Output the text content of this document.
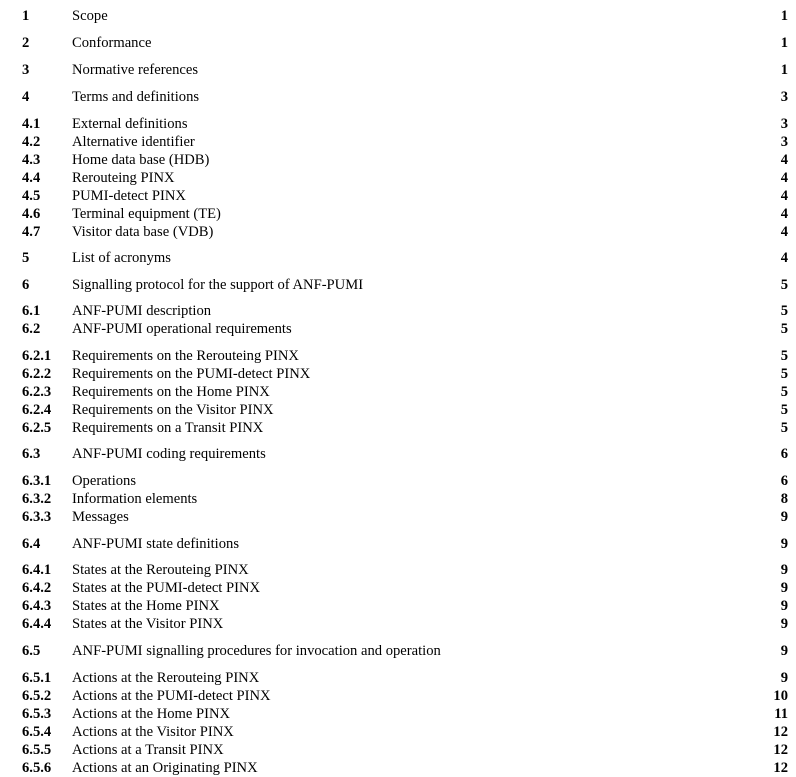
1	Scope	1
2	Conformance	1
3	Normative references	1
4	Terms and definitions	3
4.1 External definitions	3
4.2 Alternative identifier	3
4.3 Home data base (HDB)	4
4.4 Rerouteing PINX	4
4.5 PUMI-detect PINX	4
4.6 Terminal equipment (TE)	4
4.7 Visitor data base (VDB)	4
5	List of acronyms	4
6	Signalling protocol for the support of ANF-PUMI	5
6.1 ANF-PUMI description	5
6.2 ANF-PUMI operational requirements	5
6.2.1 Requirements on the Rerouteing PINX	5
6.2.2 Requirements on the PUMI-detect PINX	5
6.2.3 Requirements on the Home PINX	5
6.2.4 Requirements on the Visitor PINX	5
6.2.5 Requirements on a Transit PINX	5
6.3 ANF-PUMI coding requirements	6
6.3.1 Operations	6
6.3.2 Information elements	8
6.3.3 Messages	9
6.4 ANF-PUMI state definitions	9
6.4.1 States at the Rerouteing PINX	9
6.4.2 States at the PUMI-detect PINX	9
6.4.3 States at the Home PINX	9
6.4.4 States at the Visitor PINX	9
6.5 ANF-PUMI signalling procedures for invocation and operation	9
6.5.1 Actions at the Rerouteing PINX	9
6.5.2 Actions at the PUMI-detect PINX	10
6.5.3 Actions at the Home PINX	11
6.5.4 Actions at the Visitor PINX	12
6.5.5 Actions at a Transit PINX	12
6.5.6 Actions at an Originating PINX	12
